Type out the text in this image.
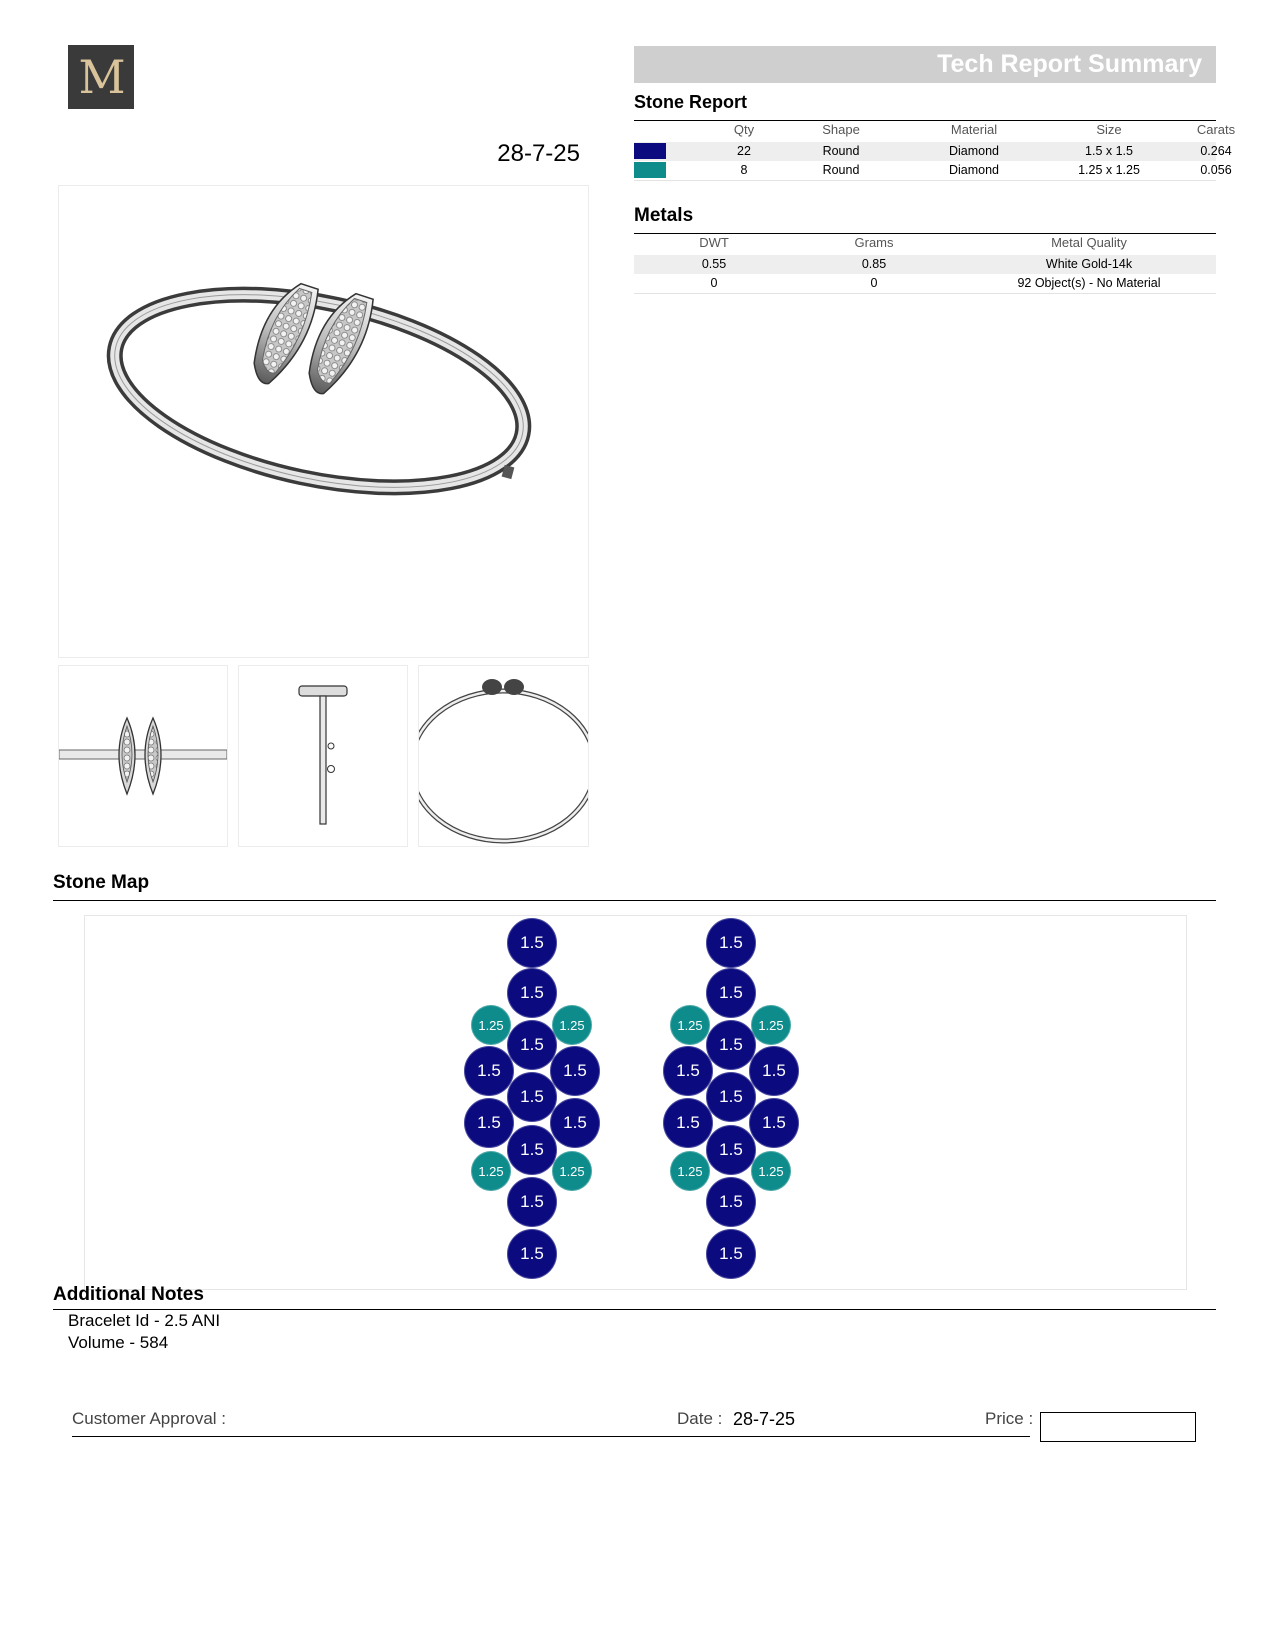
M
28-7-25
Tech Report Summary
Stone Report
Qty	Shape	Material	Size	Carats
22	Round	Diamond	1.5 x 1.5	0.264
8	Round	Diamond	1.25 x 1.25	0.056
Metals
DWT	Grams	Metal Quality
0.55	0.85	White Gold-14k
0	0	92 Object(s) - No Material
Stone Map
1.5
1.5
1.25	1.25
1.5
1.5	1.5
1.5
1.5	1.5
1.5
1.25	1.25
1.5
1.5
1.5
1.5
1.25	1.25
1.5
1.5	1.5
1.5
1.5	1.5
1.5
1.25	1.25
1.5
1.5
Additional Notes
Bracelet Id - 2.5 ANI
Volume - 584
Customer Approval :	Date : 28-7-25	Price :
